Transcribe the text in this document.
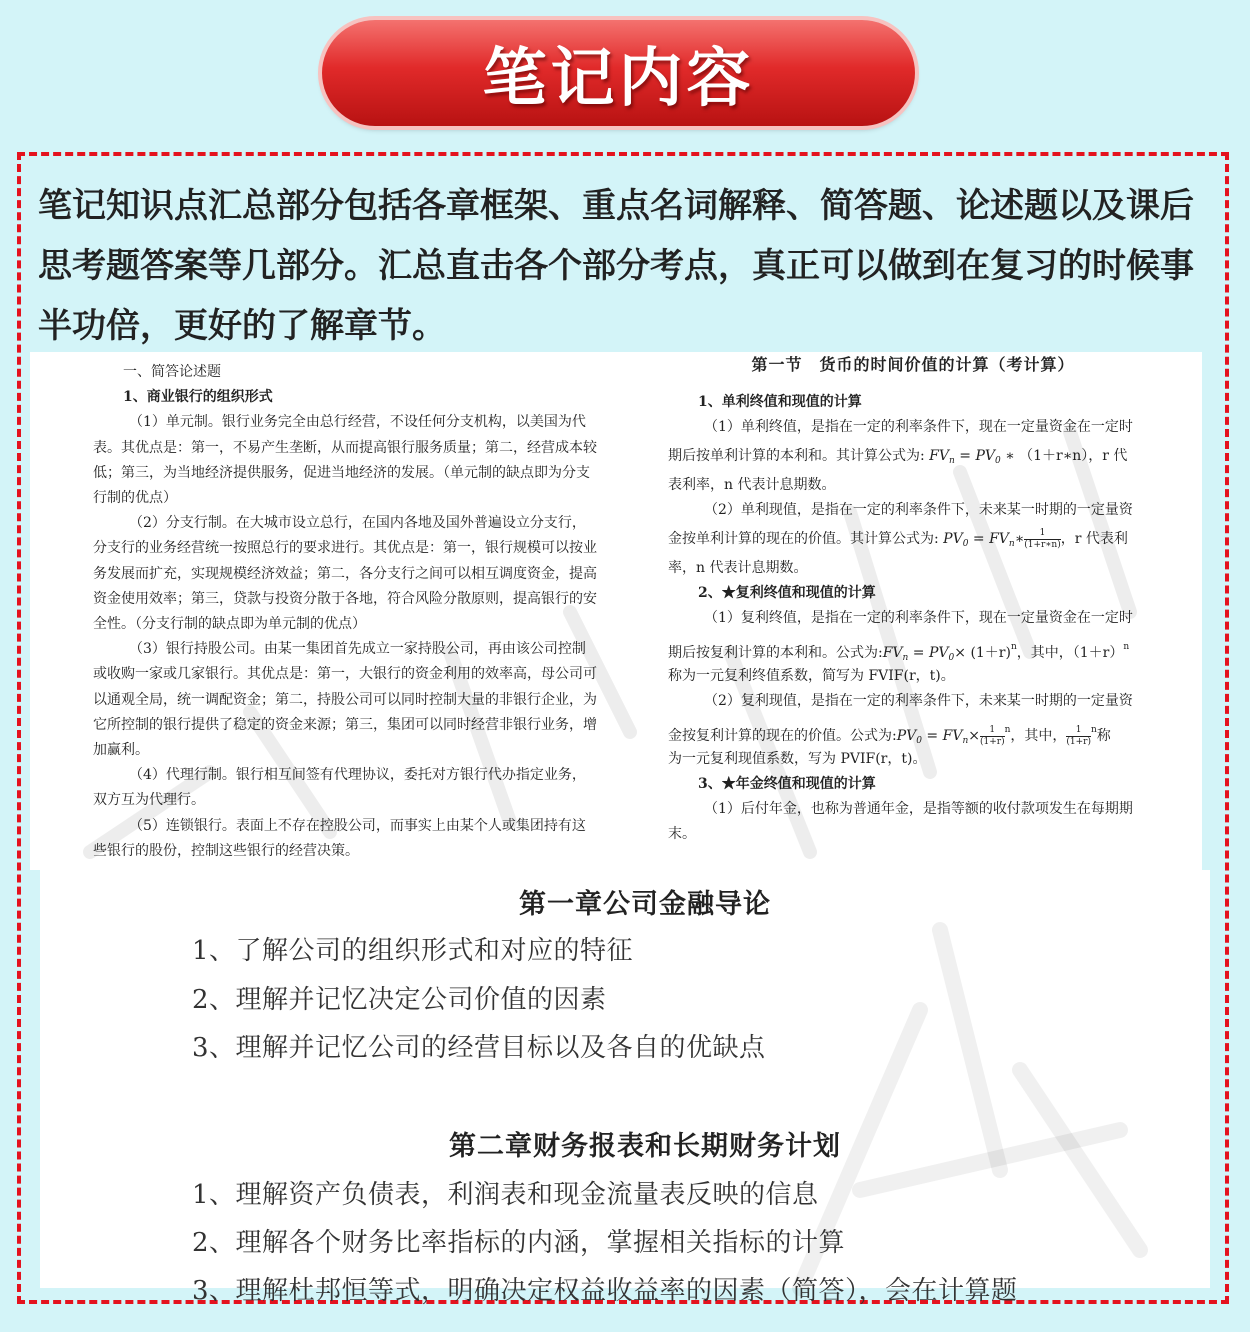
笔记内容
笔记知识点汇总部分包括各章框架、重点名词解释、简答题、论述题以及课后思考题答案等几部分。汇总直击各个部分考点，真正可以做到在复习的时候事半功倍，更好的了解章节。

一、简答论述题

1、商业银行的组织形式

（1）单元制。银行业务完全由总行经营，不设任何分支机构，以美国为代表。其优点是：第一，不易产生垄断，从而提高银行服务质量；第二，经营成本较低；第三，为当地经济提供服务，促进当地经济的发展。（单元制的缺点即为分支行制的优点）

（2）分支行制。在大城市设立总行，在国内各地及国外普遍设立分支行，分支行的业务经营统一按照总行的要求进行。其优点是：第一，银行规模可以按业务发展而扩充，实现规模经济效益；第二，各分支行之间可以相互调度资金，提高资金使用效率；第三，贷款与投资分散于各地，符合风险分散原则，提高银行的安全性。（分支行制的缺点即为单元制的优点）

（3）银行持股公司。由某一集团首先成立一家持股公司，再由该公司控制或收购一家或几家银行。其优点是：第一，大银行的资金利用的效率高，母公司可以通观全局，统一调配资金；第二，持股公司可以同时控制大量的非银行企业，为它所控制的银行提供了稳定的资金来源；第三，集团可以同时经营非银行业务，增加赢利。

（4）代理行制。银行相互间签有代理协议，委托对方银行代办指定业务，双方互为代理行。

（5）连锁银行。表面上不存在控股公司，而事实上由某个人或集团持有这些银行的股份，控制这些银行的经营决策。

第一节　货币的时间价值的计算（考计算）

1、单利终值和现值的计算

（1）单利终值，是指在一定的利率条件下，现在一定量资金在一定时

期后按单利计算的本利和。其计算公式为: $FV_n = PV_0$ ∗ （1＋r∗n），r 代

表利率，n 代表计息期数。

（2）单利现值，是指在一定的利率条件下，未来某一时期的一定量资

金按单利计算的现在的价值。其计算公式为: $PV_0$ = $FV_n∗ \frac{1}{(1+r∗n)}$ ，r 代表利

率，n 代表计息期数。

2、★复利终值和现值的计算

（1）复利终值，是指在一定的利率条件下，现在一定量资金在一定时

期后按复利计算的本利和。公式为$:FV_n = PV_0\times (1+r)^n$，其中，$(1+r)^n$

称为一元复利终值系数，简写为 FVIF(r，t)。

（2）复利现值，是指在一定的利率条件下，未来某一时期的一定量资

金按复利计算的现在的价值。公式为$:PV_0 = FV_n\times \frac{1}{(1+r)} ^n$，其中， $\frac{1}{(1+r)} ^n$称

为一元复利现值系数，写为 PVIF(r，t)。

3、★年金终值和现值的计算

（1）后付年金，也称为普通年金，是指等额的收付款项发生在每期期

末。

第一章公司金融导论
1、了解公司的组织形式和对应的特征
2、理解并记忆决定公司价值的因素
3、理解并记忆公司的经营目标以及各自的优缺点
第二章财务报表和长期财务计划
1、理解资产负债表，利润表和现金流量表反映的信息
2、理解各个财务比率指标的内涵，掌握相关指标的计算
3、理解杜邦恒等式，明确决定权益收益率的因素（简答），会在计算题
